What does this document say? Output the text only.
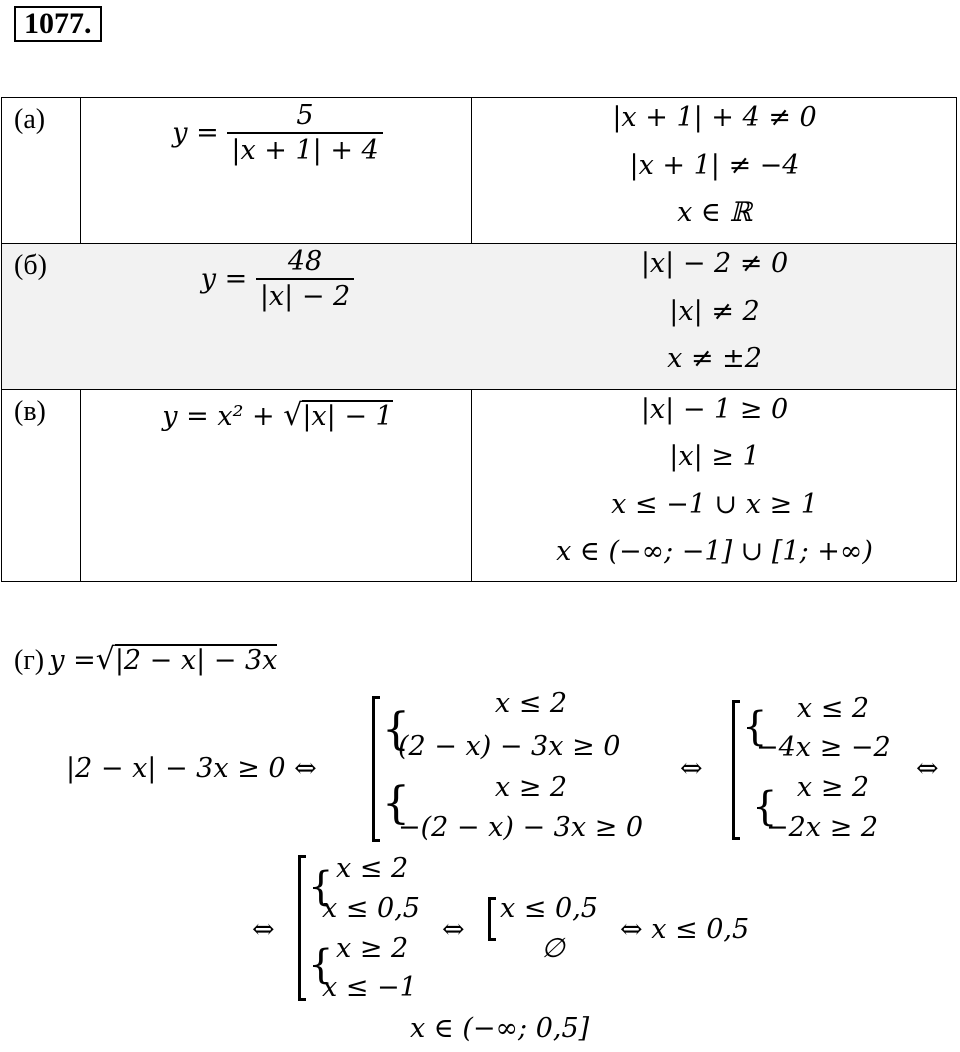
1077.
(а)	$y = \frac{5}{|x + 1| + 4}$	|x + 1| + 4 ≠ 0
|x + 1| ≠ −4
x ∈ ℝ
(б)	$y = \frac{48}{|x| - 2}$	|x| − 2 ≠ 0
|x| ≠ 2
x ≠ ±2
(в)	y = x² + √|x| − 1	|x| − 1 ≥ 0
|x| ≥ 1
x ≤ −1 ∪ x ≥ 1
x ∈ (−∞; −1] ∪ [1; +∞)
(г) y =√|2 − x| − 3x
|2 − x| − 3x ≥ 0 ⇔
{
{
x ≤ 2
(2 − x) − 3x ≥ 0
x ≥ 2
−(2 − x) − 3x ≥ 0
⇔
{
{
x ≤ 2
−4x ≥ −2
x ≥ 2
−2x ≥ 2
⇔
⇔
{
{
x ≤ 2
x ≤ 0,5
x ≥ 2
x ≤ −1
⇔
x ≤ 0,5
∅
⇔ x ≤ 0,5
x ∈ (−∞; 0,5]
